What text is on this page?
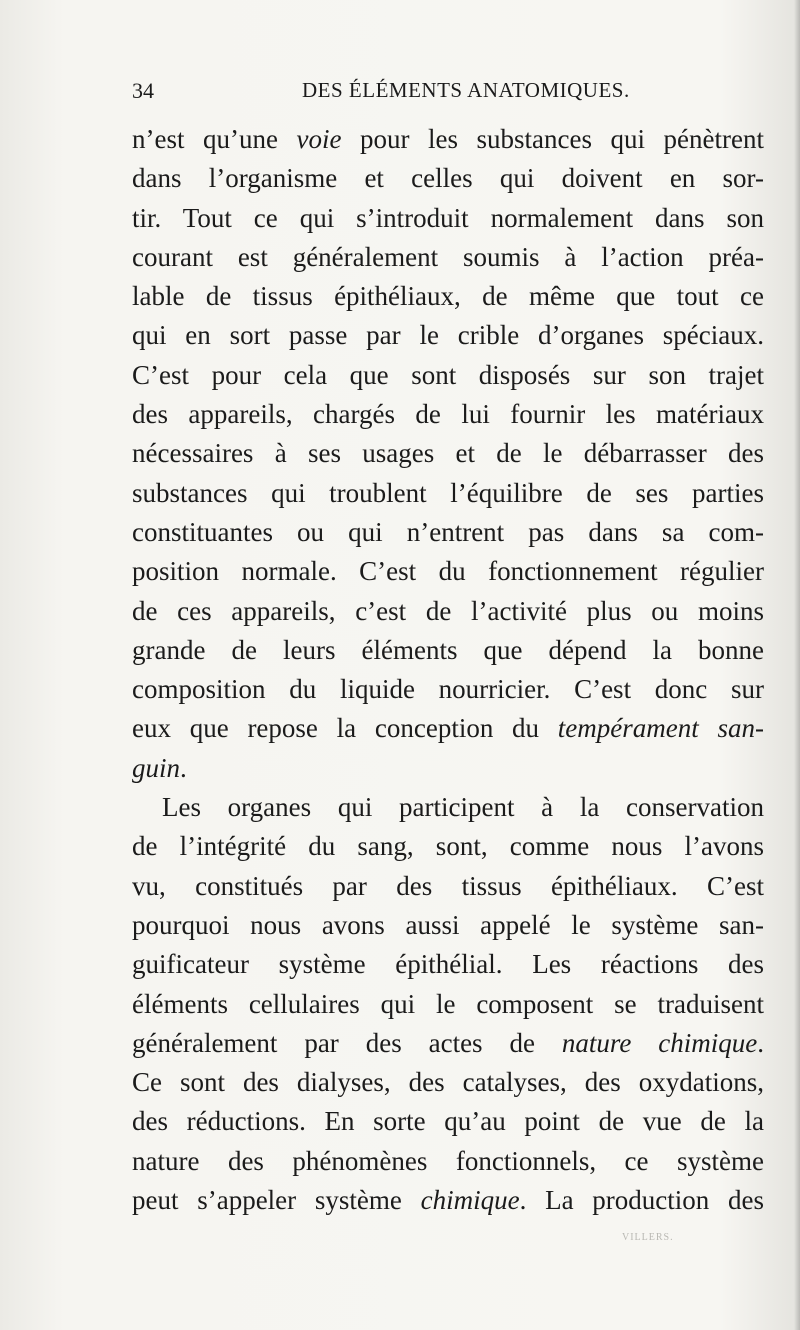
34	DES ÉLÉMENTS ANATOMIQUES.
n’est qu’une voie pour les substances qui pénètrent
dans l’organisme et celles qui doivent en sor-
tir. Tout ce qui s’introduit normalement dans son
courant est généralement soumis à l’action préa-
lable de tissus épithéliaux, de même que tout ce
qui en sort passe par le crible d’organes spéciaux.
C’est pour cela que sont disposés sur son trajet
des appareils, chargés de lui fournir les matériaux
nécessaires à ses usages et de le débarrasser des
substances qui troublent l’équilibre de ses parties
constituantes ou qui n’entrent pas dans sa com-
position normale. C’est du fonctionnement régulier
de ces appareils, c’est de l’activité plus ou moins
grande de leurs éléments que dépend la bonne
composition du liquide nourricier. C’est donc sur
eux que repose la conception du tempérament san-
guin.
Les organes qui participent à la conservation
de l’intégrité du sang, sont, comme nous l’avons
vu, constitués par des tissus épithéliaux. C’est
pourquoi nous avons aussi appelé le système san-
guificateur système épithélial. Les réactions des
éléments cellulaires qui le composent se traduisent
généralement par des actes de nature chimique.
Ce sont des dialyses, des catalyses, des oxydations,
des réductions. En sorte qu’au point de vue de la
nature des phénomènes fonctionnels, ce système
peut s’appeler système chimique. La production des
VILLERS.
